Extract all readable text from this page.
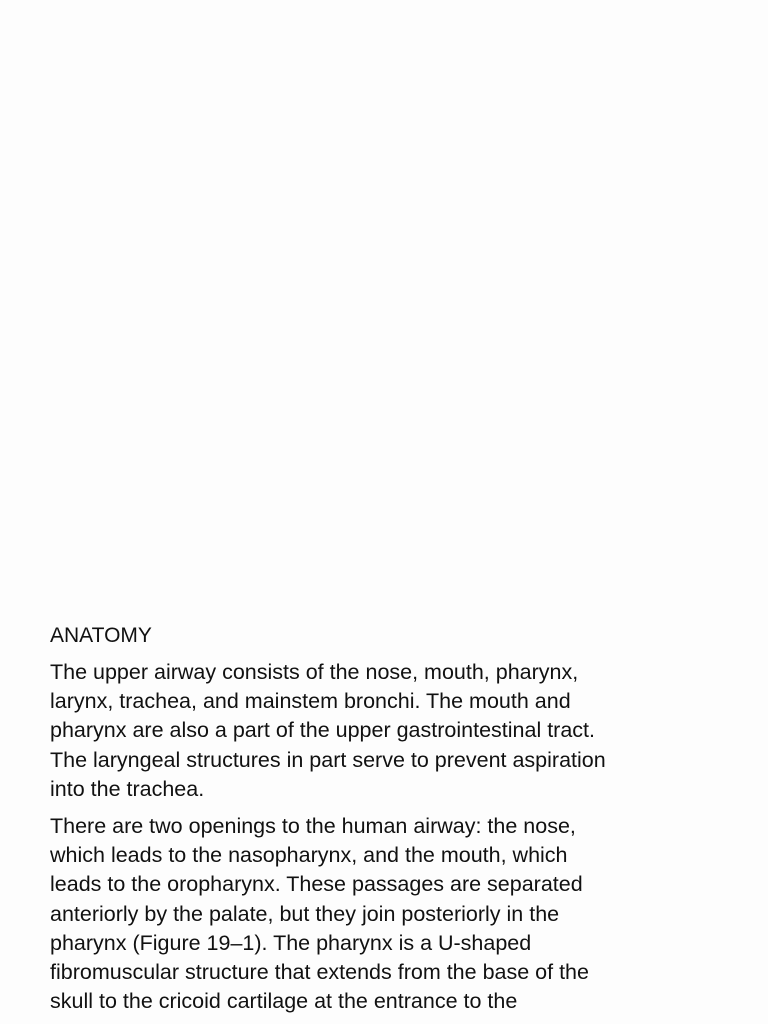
ANATOMY

The upper airway consists of the nose, mouth, pharynx,
larynx, trachea, and mainstem bronchi. The mouth and
pharynx are also a part of the upper gastrointestinal tract.
The laryngeal structures in part serve to prevent aspiration
into the trachea.

There are two openings to the human airway: the nose,
which leads to the nasopharynx, and the mouth, which
leads to the oropharynx. These passages are separated
anteriorly by the palate, but they join posteriorly in the
pharynx (Figure 19–1). The pharynx is a U-shaped
fibromuscular structure that extends from the base of the
skull to the cricoid cartilage at the entrance to the
